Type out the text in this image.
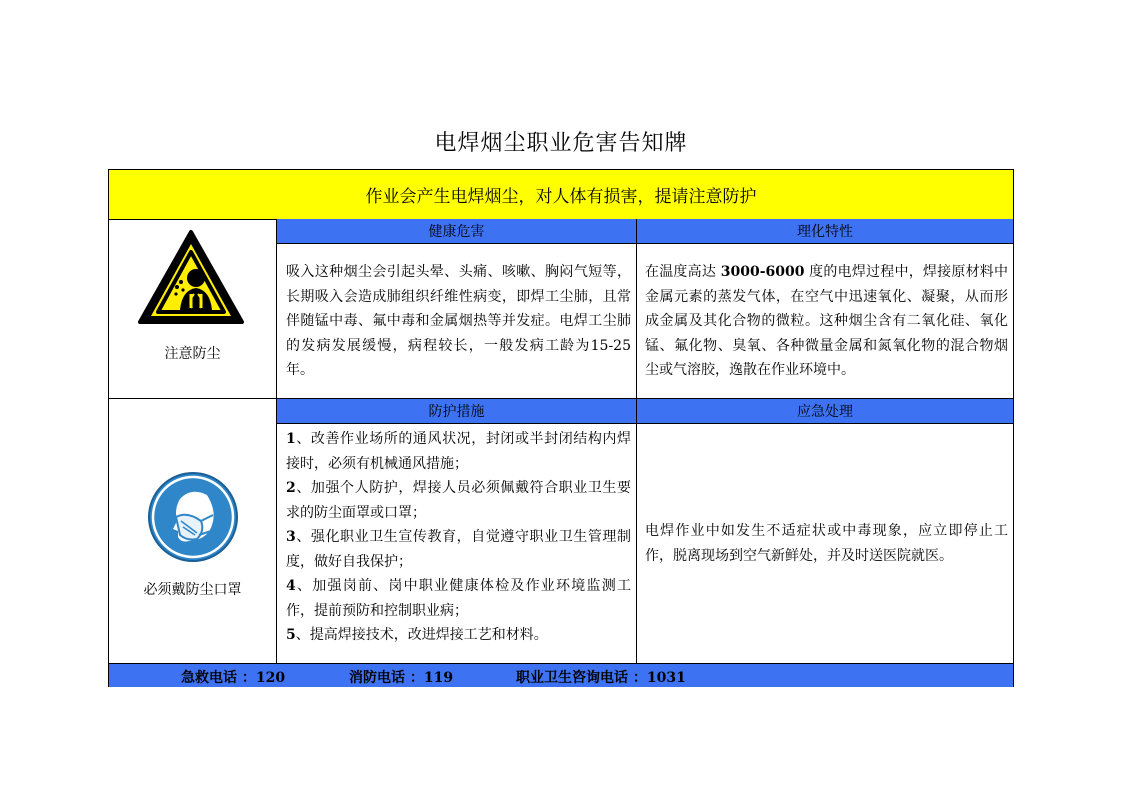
电焊烟尘职业危害告知牌
作业会产生电焊烟尘，对人体有损害，提请注意防护
注意防尘
健康危害
吸入这种烟尘会引起头晕、头痛、咳嗽、胸闷气短等，长期吸入会造成肺组织纤维性病变，即焊工尘肺，且常伴随锰中毒、氟中毒和金属烟热等并发症。电焊工尘肺的发病发展缓慢，病程较长，一般发病工龄为15-25年。
理化特性
在温度高达 3000-6000 度的电焊过程中，焊接原材料中金属元素的蒸发气体，在空气中迅速氧化、凝聚，从而形成金属及其化合物的微粒。这种烟尘含有二氧化硅、氧化锰、氟化物、臭氧、各种微量金属和氮氧化物的混合物烟尘或气溶胶，逸散在作业环境中。
必须戴防尘口罩
防护措施
1、改善作业场所的通风状况，封闭或半封闭结构内焊接时，必须有机械通风措施；
2、加强个人防护，焊接人员必须佩戴符合职业卫生要求的防尘面罩或口罩；
3、强化职业卫生宣传教育，自觉遵守职业卫生管理制度，做好自我保护；
4、加强岗前、岗中职业健康体检及作业环境监测工作，提前预防和控制职业病；
5、提高焊接技术，改进焊接工艺和材料。
应急处理
电焊作业中如发生不适症状或中毒现象，应立即停止工作，脱离现场到空气新鲜处，并及时送医院就医。
急救电话 ：120	消防电话 ：119	职业卫生咨询电话 ：1031
